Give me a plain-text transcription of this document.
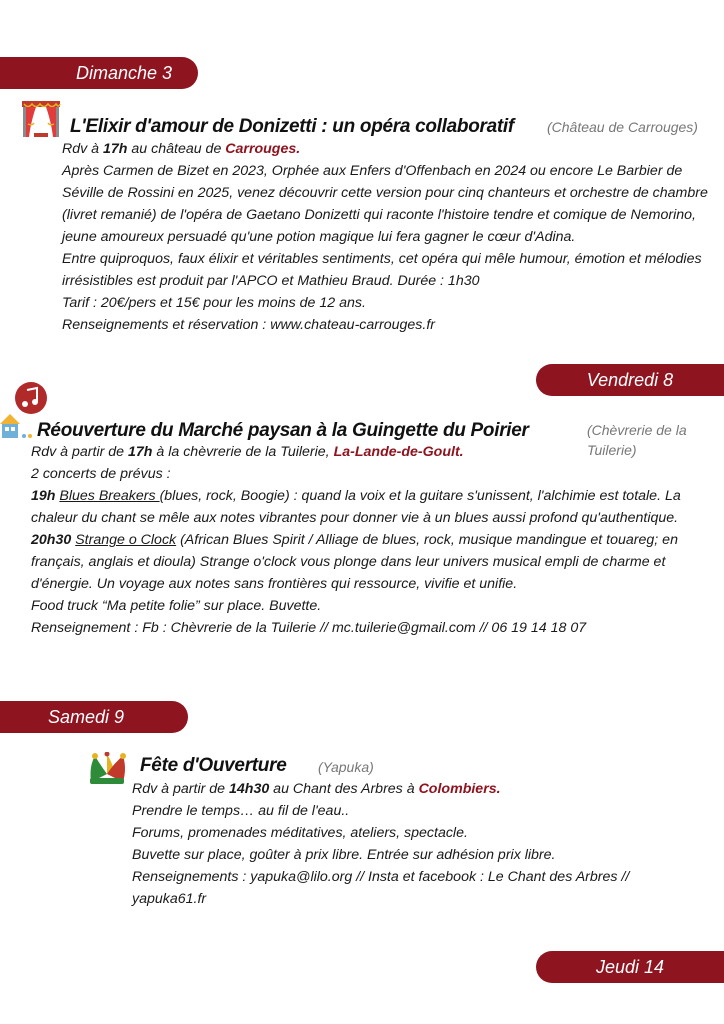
Dimanche 3
L'Elixir d'amour de Donizetti : un opéra collaboratif (Château de Carrouges)

Rdv à 17h au château de Carrouges.

Après Carmen de Bizet en 2023, Orphée aux Enfers d'Offenbach en 2024 ou encore Le Barbier de Séville de Rossini en 2025, venez découvrir cette version pour cinq chanteurs et orchestre de chambre (livret remanié) de l'opéra de Gaetano Donizetti qui raconte l'histoire tendre et comique de Nemorino, jeune amoureux persuadé qu'une potion magique lui fera gagner le cœur d'Adina.

Entre quiproquos, faux élixir et véritables sentiments, cet opéra qui mêle humour, émotion et mélodies irrésistibles est produit par l'APCO et Mathieu Braud. Durée : 1h30

Tarif : 20€/pers et 15€ pour les moins de 12 ans.

Renseignements et réservation : www.chateau-carrouges.fr

Vendredi 8
Réouverture du Marché paysan à la Guingette du Poirier	(Chèvrerie de la Tuilerie)

Rdv à partir de 17h à la chèvrerie de la Tuilerie, La-Lande-de-Goult.

2 concerts de prévus :

19h Blues Breakers (blues, rock, Boogie) : quand la voix et la guitare s'unissent, l'alchimie est totale. La chaleur du chant se mêle aux notes vibrantes pour donner vie à un blues aussi profond qu'authentique.

20h30 Strange o Clock (African Blues Spirit / Alliage de blues, rock, musique mandingue et touareg; en français, anglais et dioula) Strange o'clock vous plonge dans leur univers musical empli de charme et d'énergie. Un voyage aux notes sans frontières qui ressource, vivifie et unifie.

Food truck “Ma petite folie” sur place. Buvette.

Renseignement : Fb : Chèvrerie de la Tuilerie // mc.tuilerie@gmail.com // 06 19 14 18 07

Samedi 9
Fête d'Ouverture (Yapuka)

Rdv à partir de 14h30 au Chant des Arbres à Colombiers.

Prendre le temps… au fil de l'eau..

Forums, promenades méditatives, ateliers, spectacle.

Buvette sur place, goûter à prix libre. Entrée sur adhésion prix libre.

Renseignements : yapuka@lilo.org // Insta et facebook : Le Chant des Arbres // yapuka61.fr

Jeudi 14
